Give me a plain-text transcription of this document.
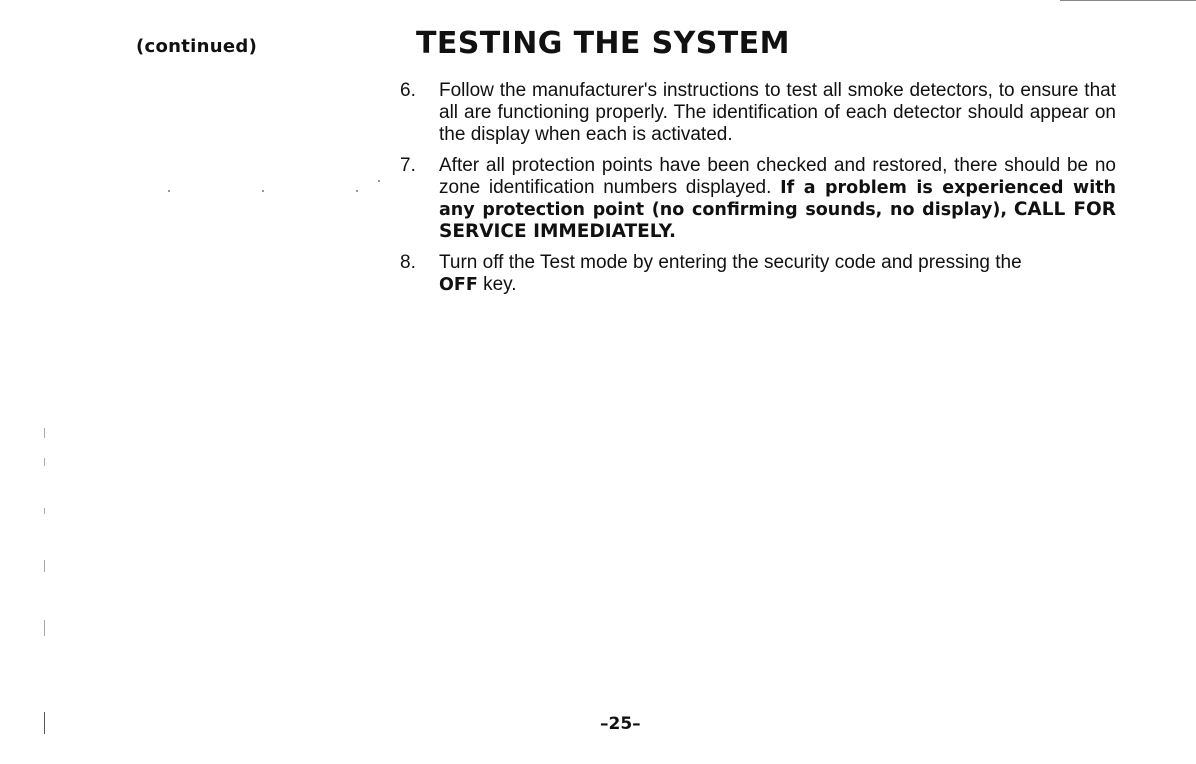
(continued)	TESTING THE SYSTEM
6. Follow the manufacturer's instructions to test all smoke detectors, to ensure that all are functioning properly. The identification of each detector should appear on the display when each is activated.
7. After all protection points have been checked and restored, there should be no zone identification numbers displayed. If a problem is experienced with any protection point (no confirming sounds, no display), CALL FOR SERVICE IMMEDIATELY.
8. Turn off the Test mode by entering the security code and pressing the
OFF key.
–25–
